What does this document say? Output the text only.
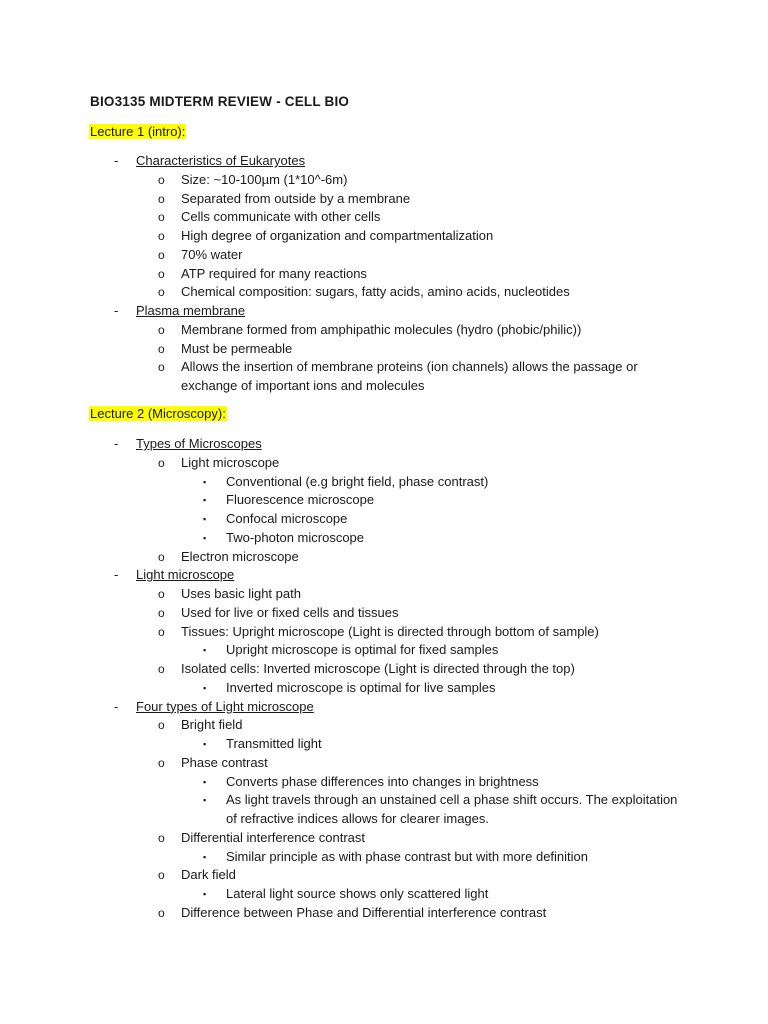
BIO3135 MIDTERM REVIEW - CELL BIO
Lecture 1 (intro):
- Characteristics of Eukaryotes
o Size: ~10-100µm (1*10^-6m)
o Separated from outside by a membrane
o Cells communicate with other cells
o High degree of organization and compartmentalization
o 70% water
o ATP required for many reactions
o Chemical composition: sugars, fatty acids, amino acids, nucleotides
- Plasma membrane
o Membrane formed from amphipathic molecules (hydro (phobic/philic))
o Must be permeable
o Allows the insertion of membrane proteins (ion channels) allows the passage or
exchange of important ions and molecules
Lecture 2 (Microscopy):
- Types of Microscopes
o Light microscope
▪ Conventional (e.g bright field, phase contrast)
▪ Fluorescence microscope
▪ Confocal microscope
▪ Two-photon microscope
o Electron microscope
- Light microscope
o Uses basic light path
o Used for live or fixed cells and tissues
o Tissues: Upright microscope (Light is directed through bottom of sample)
▪ Upright microscope is optimal for fixed samples
o Isolated cells: Inverted microscope (Light is directed through the top)
▪ Inverted microscope is optimal for live samples
- Four types of Light microscope
o Bright field
▪ Transmitted light
o Phase contrast
▪ Converts phase differences into changes in brightness
▪ As light travels through an unstained cell a phase shift occurs. The exploitation
of refractive indices allows for clearer images.
o Differential interference contrast
▪ Similar principle as with phase contrast but with more definition
o Dark field
▪ Lateral light source shows only scattered light
o Difference between Phase and Differential interference contrast
